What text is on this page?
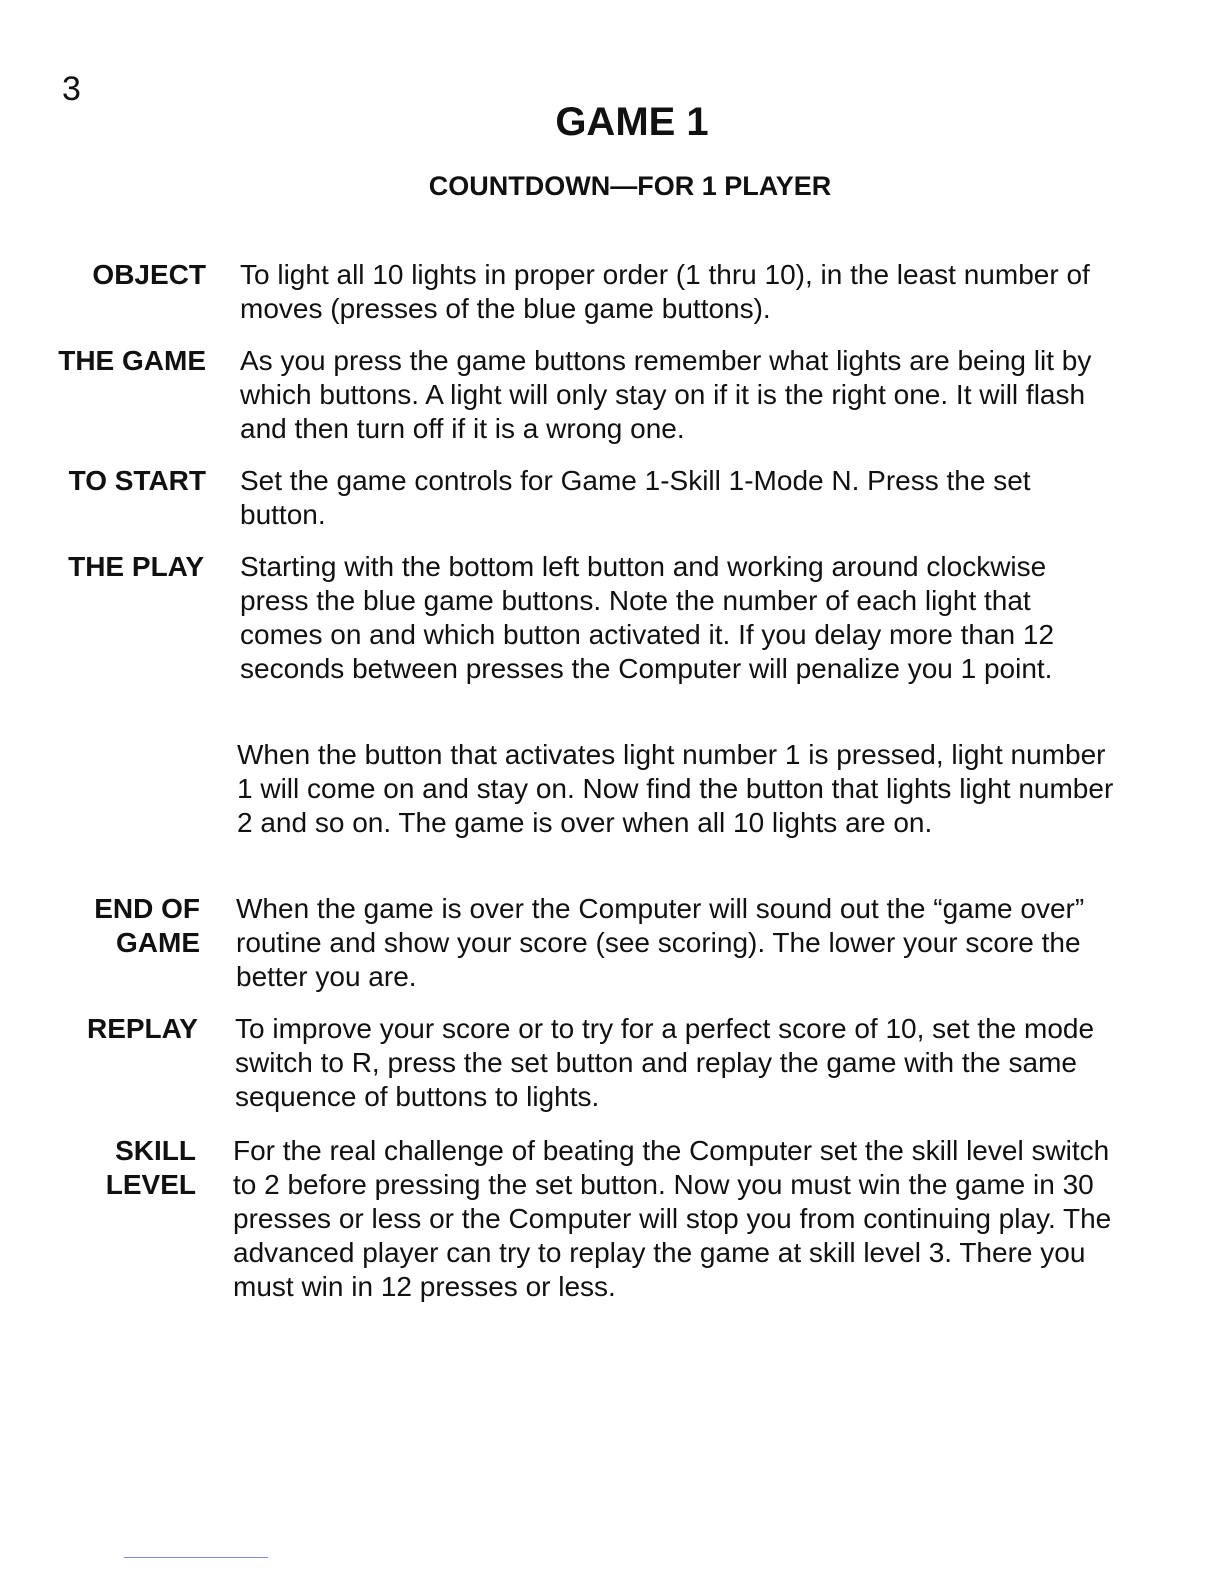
3
GAME 1
COUNTDOWN—FOR 1 PLAYER
OBJECT To light all 10 lights in proper order (1 thru 10), in the least number of moves (presses of the blue game buttons).

THE GAME As you press the game buttons remember what lights are being lit by which buttons. A light will only stay on if it is the right one. It will flash and then turn off if it is a wrong one.

TO START Set the game controls for Game 1-Skill 1-Mode N. Press the set button.

THE PLAY Starting with the bottom left button and working around clockwise press the blue game buttons. Note the number of each light that comes on and which button activated it. If you delay more than 12 seconds between presses the Computer will penalize you 1 point.

When the button that activates light number 1 is pressed, light number 1 will come on and stay on. Now find the button that lights light number 2 and so on. The game is over when all 10 lights are on.

END OF
GAME

When the game is over the Computer will sound out the “game over” routine and show your score (see scoring). The lower your score the better you are.

REPLAY To improve your score or to try for a perfect score of 10, set the mode switch to R, press the set button and replay the game with the same sequence of buttons to lights.

SKILL
LEVEL

For the real challenge of beating the Computer set the skill level switch to 2 before pressing the set button. Now you must win the game in 30 presses or less or the Computer will stop you from continuing play. The advanced player can try to replay the game at skill level 3. There you must win in 12 presses or less.
